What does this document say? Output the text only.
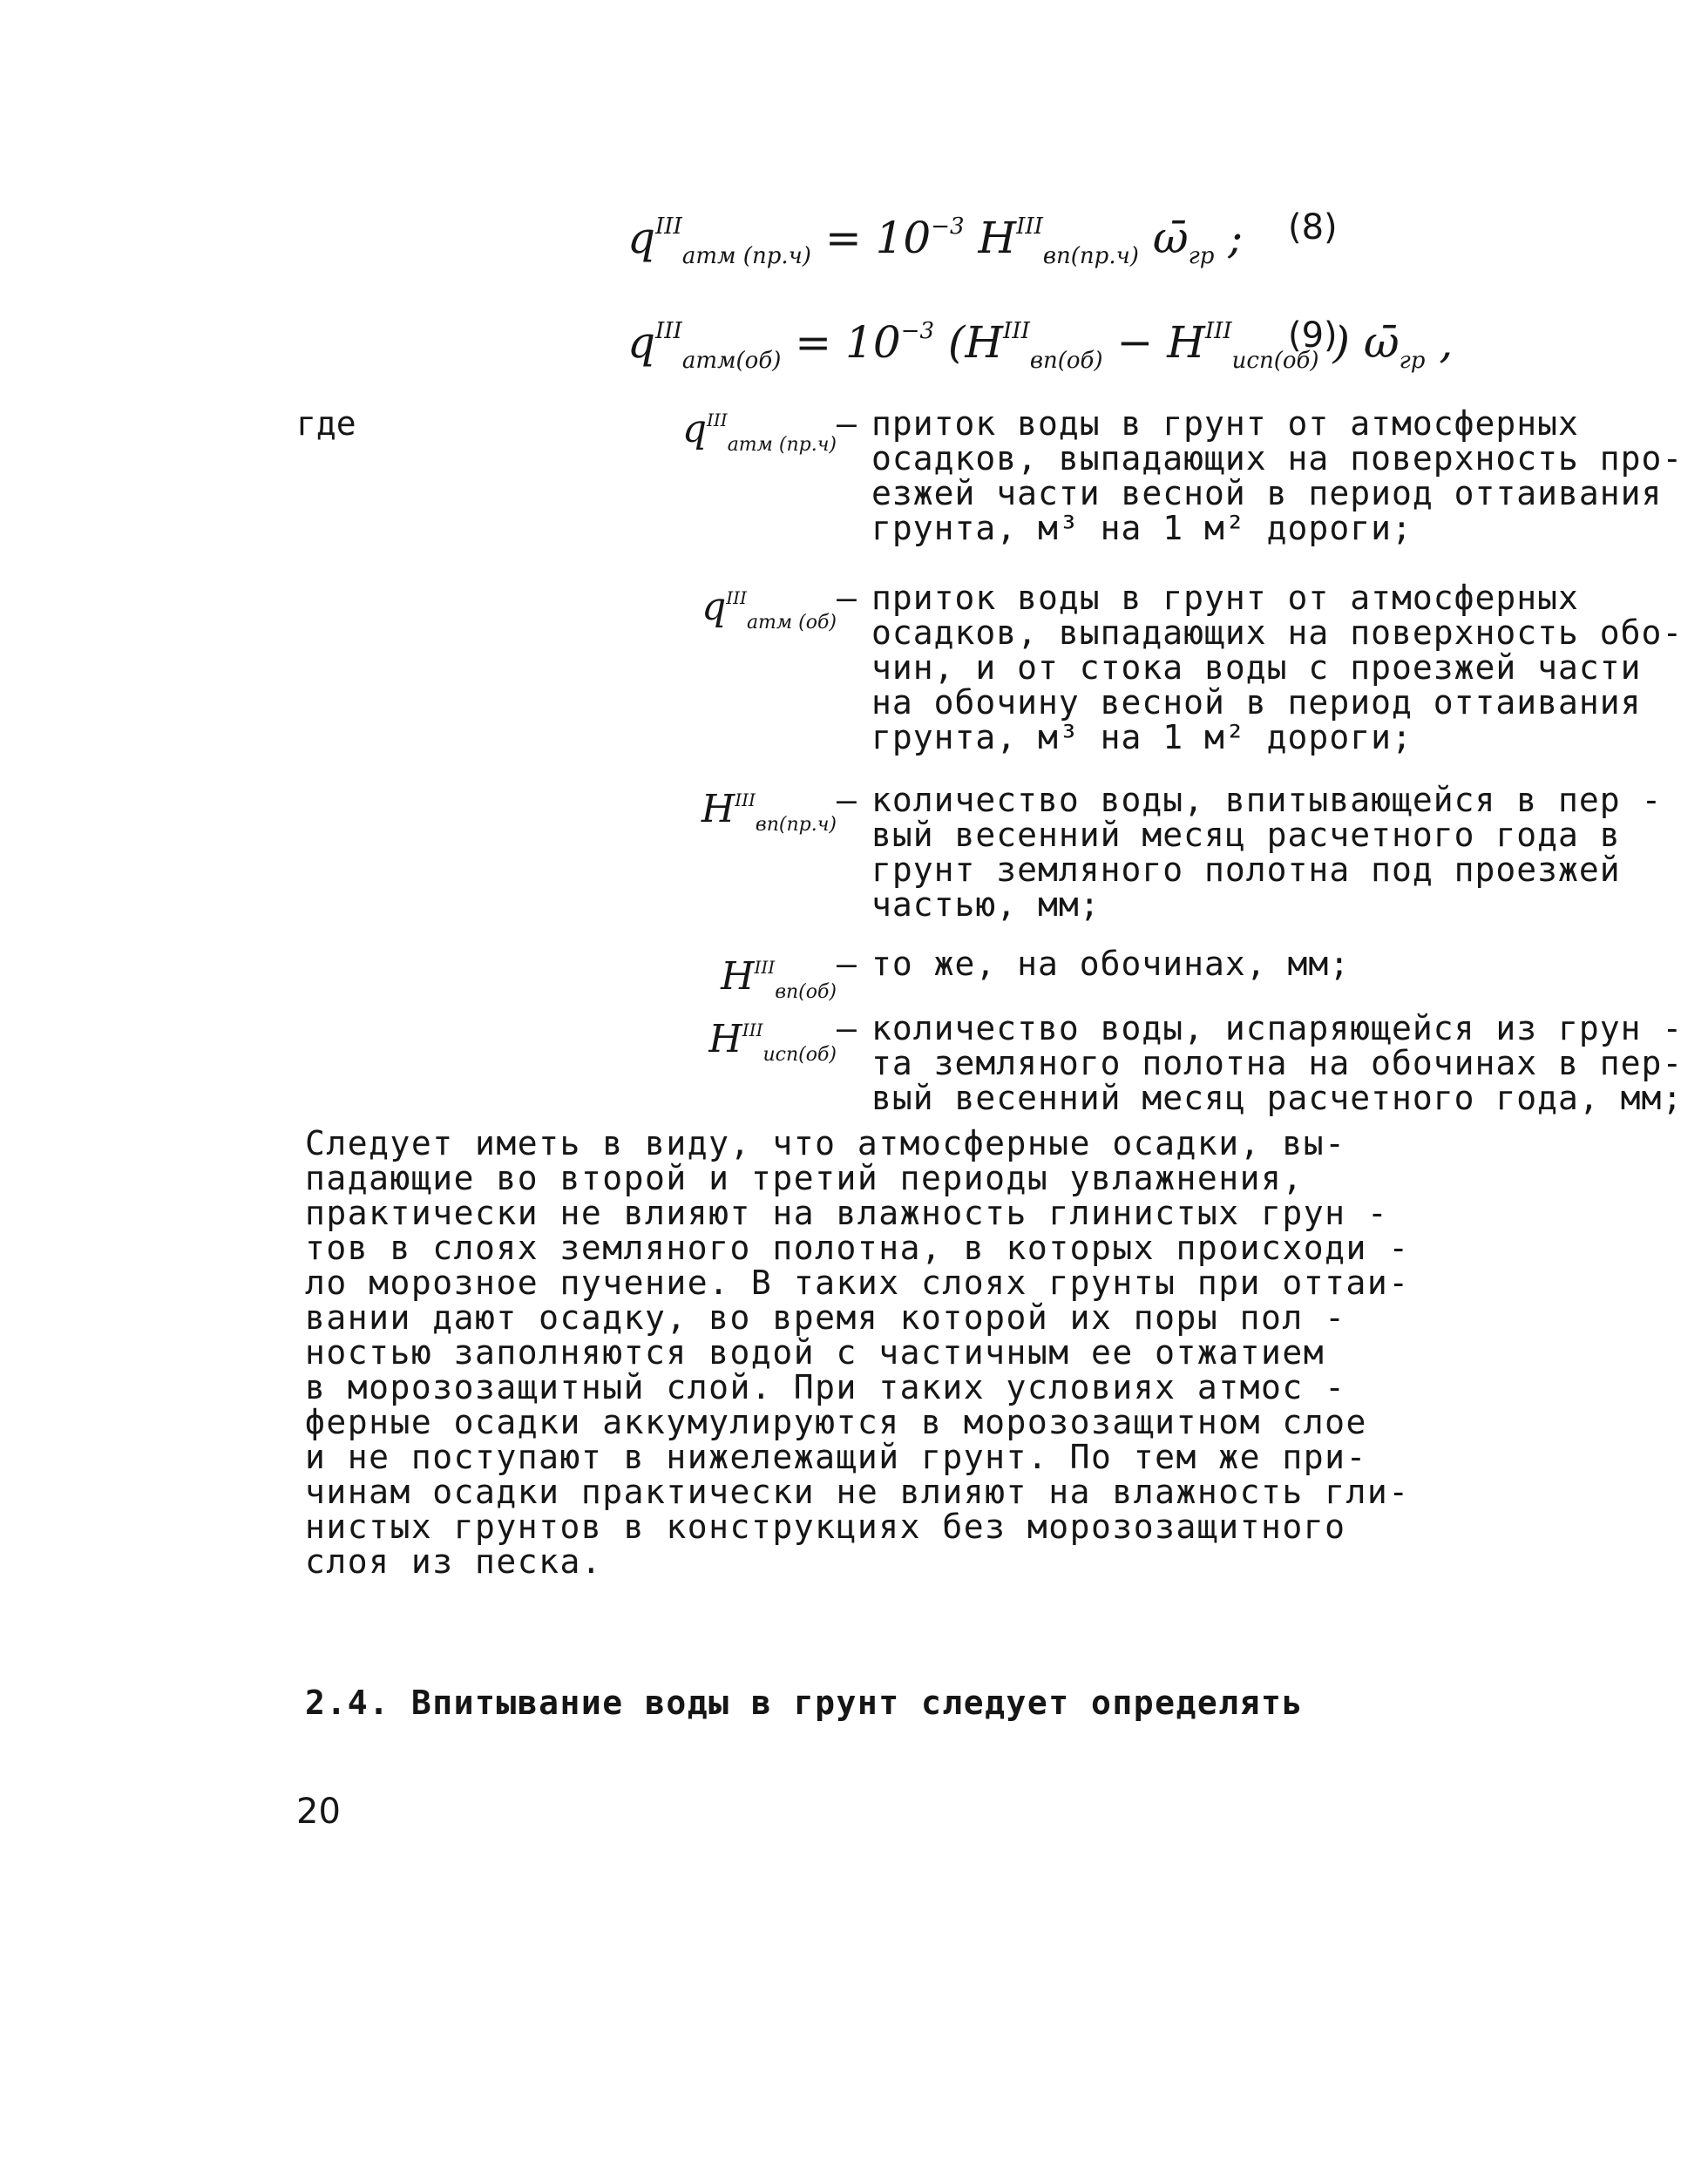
$q^{III}_{атм (пр.ч)} = 10^{-3}$ $H^{III}_{вп(пр.ч)}$ $\omegā_{гр}$ ; (8)
$q^{III}_{атм(об)} = 10^{-3}$ ($H^{III}_{вп(об)} - H^{III}_{исп(об)}$ ) $\omegā_{гр}$ ,
(9)
где	$q^{III}_{атм (пр.ч)}$
– приток воды в грунт от атмосферных
осадков, выпадающих на поверхность про-
езжей части весной в период оттаивания
грунта, м³ на 1 м² дороги;
$q^{III}_{атм (об)}$
– приток воды в грунт от атмосферных
осадков, выпадающих на поверхность обо-
чин, и от стока воды с проезжей части
на обочину весной в период оттаивания
грунта, м³ на 1 м² дороги;
$H^{III}_{вп(пр.ч)}$
– количество воды, впитывающейся в пер -
вый весенний месяц расчетного года в
грунт земляного полотна под проезжей
частью, мм;
$H^{III}_{вп(об)}$
– то же, на обочинах, мм;
$H^{III}_{исп(об)}$
– количество воды, испаряющейся из грун -
та земляного полотна на обочинах в пер-
вый весенний месяц расчетного года, мм;
Следует иметь в виду, что атмосферные осадки, вы-
падающие во второй и третий периоды увлажнения,
практически не влияют на влажность глинистых грун -
тов в слоях земляного полотна, в которых происходи -
ло морозное пучение. В таких слоях грунты при оттаи-
вании дают осадку, во время которой их поры пол -
ностью заполняются водой с частичным ее отжатием
в морозозащитный слой. При таких условиях атмос -
ферные осадки аккумулируются в морозозащитном слое
и не поступают в нижележащий грунт. По тем же при-
чинам осадки практически не влияют на влажность гли-
нистых грунтов в конструкциях без морозозащитного
слоя из песка.
2.4. Впитывание воды в грунт следует определять
20
